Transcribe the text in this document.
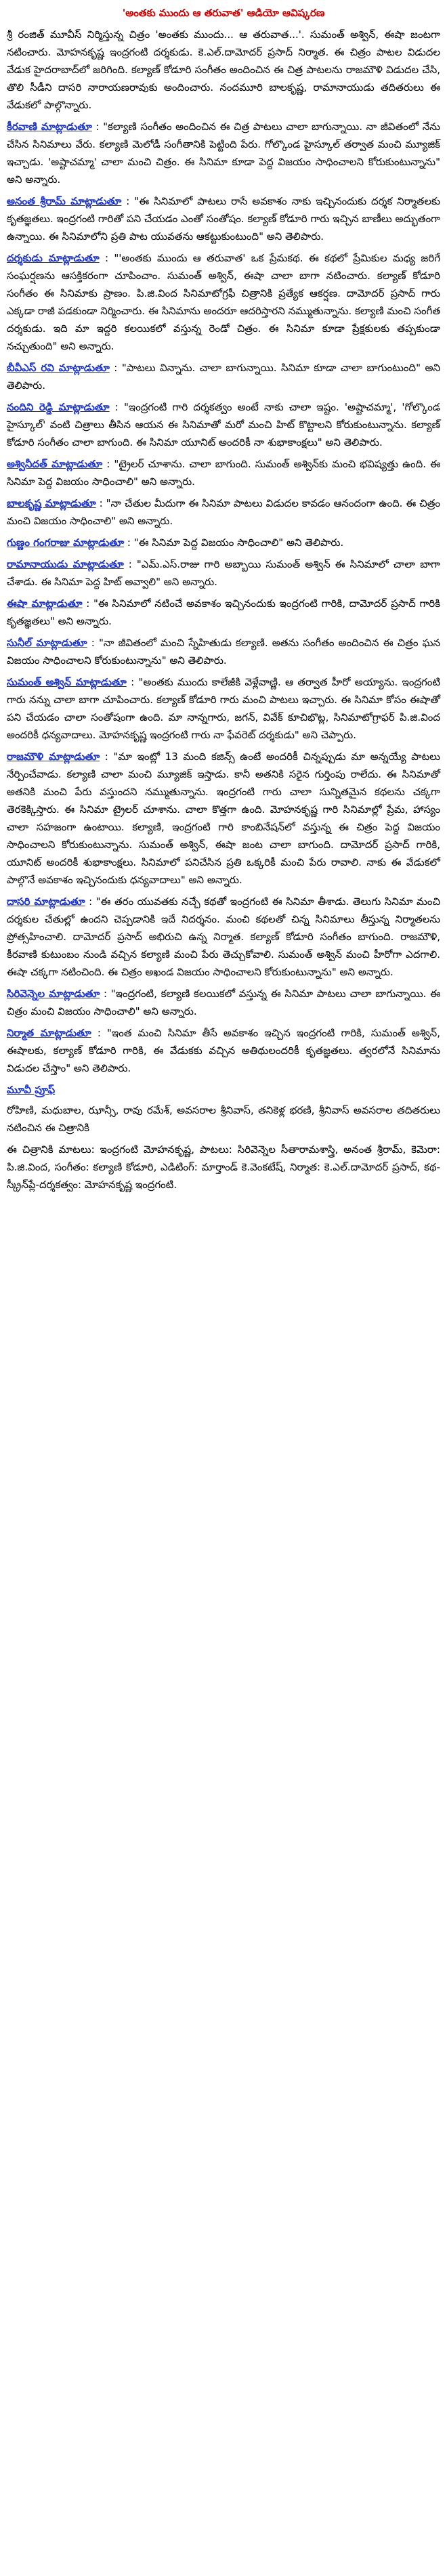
'అంతకు ముందు ఆ తరువాత' ఆడియో ఆవిష్కరణ
శ్రీ రంజిత్ మూవీస్ నిర్మిస్తున్న చిత్రం 'అంతకు ముందు... ఆ తరువాత...'. సుమంత్ అశ్విన్, ఈషా జంటగా నటించారు. మోహనకృష్ణ ఇంద్రగంటి దర్శకుడు. కె.ఎల్.దామోదర్ ప్రసాద్ నిర్మాత. ఈ చిత్రం పాటల విడుదల వేడుక హైదరాబాద్‌లో జరిగింది. కల్యాణ్ కోడూరి సంగీతం అందించిన ఈ చిత్ర పాటలను రాజమౌళి విడుదల చేసి, తొలి సీడీని దాసరి నారాయణరావుకు అందించారు. నందమూరి బాలకృష్ణ, రామానాయుడు తదితరులు ఈ వేడుకలో పాల్గొన్నారు.
కీరవాణి మాట్లాడుతూ : "కల్యాణి సంగీతం అందించిన ఈ చిత్ర పాటలు చాలా బాగున్నాయి. నా జీవితంలో నేను చేసిన సినిమాలు వేరు. కల్యాణి మెలోడీ సంగీతానికి పెట్టింది పేరు. గోల్కొండ హైస్కూల్ తర్వాత మంచి మ్యూజిక్ ఇచ్చాడు. 'అష్టాచమ్మా' చాలా మంచి చిత్రం. ఈ సినిమా కూడా పెద్ద విజయం సాధించాలని కోరుకుంటున్నాను" అని అన్నారు.
అనంత శ్రీరామ్ మాట్లాడుతూ : "ఈ సినిమాలో పాటలు రాసే అవకాశం నాకు ఇచ్చినందుకు దర్శక నిర్మాతలకు కృతజ్ఞతలు. ఇంద్రగంటి గారితో పని చేయడం ఎంతో సంతోషం. కల్యాణ్ కోడూరి గారు ఇచ్చిన బాణీలు అద్భుతంగా ఉన్నాయి. ఈ సినిమాలోని ప్రతి పాట యువతను ఆకట్టుకుంటుంది" అని తెలిపారు.
దర్శకుడు మాట్లాడుతూ : "'అంతకు ముందు ఆ తరువాత' ఒక ప్రేమకథ. ఈ కథలో ప్రేమికుల మధ్య జరిగే సంఘర్షణను ఆసక్తికరంగా చూపించాం. సుమంత్ అశ్విన్, ఈషా చాలా బాగా నటించారు. కల్యాణ్ కోడూరి సంగీతం ఈ సినిమాకు ప్రాణం. పి.జి.వింద సినిమాటోగ్రఫీ చిత్రానికి ప్రత్యేక ఆకర్షణ. దామోదర్ ప్రసాద్ గారు ఎక్కడా రాజీ పడకుండా నిర్మించారు. ఈ సినిమాను అందరూ ఆదరిస్తారని నమ్ముతున్నాను. కల్యాణి మంచి సంగీత దర్శకుడు. ఇది మా ఇద్దరి కలయికలో వస్తున్న రెండో చిత్రం. ఈ సినిమా కూడా ప్రేక్షకులకు తప్పకుండా నచ్చుతుంది" అని అన్నారు.
బీవీఎస్ రవి మాట్లాడుతూ : "పాటలు విన్నాను. చాలా బాగున్నాయి. సినిమా కూడా చాలా బాగుంటుంది" అని తెలిపారు.
నందిని రెడ్డి మాట్లాడుతూ : "ఇంద్రగంటి గారి దర్శకత్వం అంటే నాకు చాలా ఇష్టం. 'అష్టాచమ్మా', 'గోల్కొండ హైస్కూల్' వంటి చిత్రాలు తీసిన ఆయన ఈ సినిమాతో మరో మంచి హిట్ కొట్టాలని కోరుకుంటున్నాను. కల్యాణ్ కోడూరి సంగీతం చాలా బాగుంది. ఈ సినిమా యూనిట్ అందరికీ నా శుభాకాంక్షలు" అని తెలిపారు.
అశ్వినీదత్ మాట్లాడుతూ : "ట్రైలర్ చూశాను. చాలా బాగుంది. సుమంత్ అశ్విన్‌కు మంచి భవిష్యత్తు ఉంది. ఈ సినిమా పెద్ద విజయం సాధించాలి" అని అన్నారు.
బాలకృష్ణ మాట్లాడుతూ : "నా చేతుల మీదుగా ఈ సినిమా పాటలు విడుదల కావడం ఆనందంగా ఉంది. ఈ చిత్రం మంచి విజయం సాధించాలి" అని అన్నారు.
గుణ్ణం గంగరాజు మాట్లాడుతూ : "ఈ సినిమా పెద్ద విజయం సాధించాలి" అని తెలిపారు.
రామానాయుడు మాట్లాడుతూ : "ఎమ్.ఎస్.రాజు గారి అబ్బాయి సుమంత్ అశ్విన్ ఈ సినిమాలో చాలా బాగా చేశాడు. ఈ సినిమా పెద్ద హిట్ అవ్వాలి" అని అన్నారు.
ఈషా మాట్లాడుతూ : "ఈ సినిమాలో నటించే అవకాశం ఇచ్చినందుకు ఇంద్రగంటి గారికి, దామోదర్ ప్రసాద్ గారికి కృతజ్ఞతలు" అని అన్నారు.
సునీల్ మాట్లాడుతూ : "నా జీవితంలో మంచి స్నేహితుడు కల్యాణి. అతను సంగీతం అందించిన ఈ చిత్రం ఘన విజయం సాధించాలని కోరుకుంటున్నాను" అని తెలిపారు.
సుమంత్ అశ్విన్ మాట్లాడుతూ : "అంతకు ముందు కాలేజీకి వెళ్లేవాణ్ణి. ఆ తర్వాత హీరో అయ్యాను. ఇంద్రగంటి గారు నన్ను చాలా బాగా చూపించారు. కల్యాణ్ కోడూరి గారు మంచి పాటలు ఇచ్చారు. ఈ సినిమా కోసం ఈషాతో పని చేయడం చాలా సంతోషంగా ఉంది. మా నాన్నగారు, జగన్, వివేక్ కూచిభొట్ల, సినిమాటోగ్రాఫర్ పి.జి.వింద అందరికీ ధన్యవాదాలు. మోహనకృష్ణ ఇంద్రగంటి గారు నా ఫేవరెట్ దర్శకుడు" అని చెప్పారు.
రాజమౌళి మాట్లాడుతూ : "మా ఇంట్లో 13 మంది కజిన్స్ ఉంటే అందరికీ చిన్నప్పుడు మా అన్నయ్యే పాటలు నేర్పించేవాడు. కల్యాణి చాలా మంచి మ్యూజిక్ ఇస్తాడు. కానీ అతనికి సరైన గుర్తింపు రాలేదు. ఈ సినిమాతో అతనికి మంచి పేరు వస్తుందని నమ్ముతున్నాను. ఇంద్రగంటి గారు చాలా సున్నితమైన కథలను చక్కగా తెరకెక్కిస్తారు. ఈ సినిమా ట్రైలర్ చూశాను. చాలా కొత్తగా ఉంది. మోహనకృష్ణ గారి సినిమాల్లో ప్రేమ, హాస్యం చాలా సహజంగా ఉంటాయి. కల్యాణి, ఇంద్రగంటి గారి కాంబినేషన్‌లో వస్తున్న ఈ చిత్రం పెద్ద విజయం సాధించాలని కోరుకుంటున్నాను. సుమంత్ అశ్విన్, ఈషా జంట చాలా బాగుంది. దామోదర్ ప్రసాద్ గారికి, యూనిట్ అందరికీ శుభాకాంక్షలు. సినిమాలో పనిచేసిన ప్రతి ఒక్కరికీ మంచి పేరు రావాలి. నాకు ఈ వేడుకలో పాల్గొనే అవకాశం ఇచ్చినందుకు ధన్యవాదాలు" అని అన్నారు.
దాసరి మాట్లాడుతూ : "ఈ తరం యువతకు నచ్చే కథతో ఇంద్రగంటి ఈ సినిమా తీశాడు. తెలుగు సినిమా మంచి దర్శకుల చేతుల్లో ఉందని చెప్పడానికి ఇదే నిదర్శనం. మంచి కథలతో చిన్న సినిమాలు తీస్తున్న నిర్మాతలను ప్రోత్సహించాలి. దామోదర్ ప్రసాద్ అభిరుచి ఉన్న నిర్మాత. కల్యాణ్ కోడూరి సంగీతం బాగుంది. రాజమౌళి, కీరవాణి కుటుంబం నుండి వచ్చిన కల్యాణి మంచి పేరు తెచ్చుకోవాలి. సుమంత్ అశ్విన్ మంచి హీరోగా ఎదగాలి. ఈషా చక్కగా నటించింది. ఈ చిత్రం అఖండ విజయం సాధించాలని కోరుకుంటున్నాను" అని అన్నారు.
సిరివెన్నెల మాట్లాడుతూ : "ఇంద్రగంటి, కల్యాణి కలయికలో వస్తున్న ఈ సినిమా పాటలు చాలా బాగున్నాయి. ఈ చిత్రం మంచి విజయం సాధించాలి" అని అన్నారు.
నిర్మాత మాట్లాడుతూ : "ఇంత మంచి సినిమా తీసే అవకాశం ఇచ్చిన ఇంద్రగంటి గారికి, సుమంత్ అశ్విన్, ఈషాలకు, కల్యాణ్ కోడూరి గారికి, ఈ వేడుకకు వచ్చిన అతిథులందరికీ కృతజ్ఞతలు. త్వరలోనే సినిమాను విడుదల చేస్తాం" అని తెలిపారు.
మూవీ ప్రూఫ్
రోహిణి, మధుబాల, ఝాన్సీ, రావు రమేశ్, అవసరాల శ్రీనివాస్, తనికెళ్ల భరణి, శ్రీనివాస్ అవసరాల తదితరులు నటించిన ఈ చిత్రానికి
ఈ చిత్రానికి మాటలు: ఇంద్రగంటి మోహనకృష్ణ, పాటలు: సిరివెన్నెల సీతారామశాస్త్రి, అనంత శ్రీరామ్, కెమెరా: పి.జి.వింద, సంగీతం: కల్యాణి కోడూరి, ఎడిటింగ్: మార్తాండ్ కె.వెంకటేష్, నిర్మాత: కె.ఎల్.దామోదర్ ప్రసాద్, కథ-స్క్రీన్‌ప్లే-దర్శకత్వం: మోహనకృష్ణ ఇంద్రగంటి.
